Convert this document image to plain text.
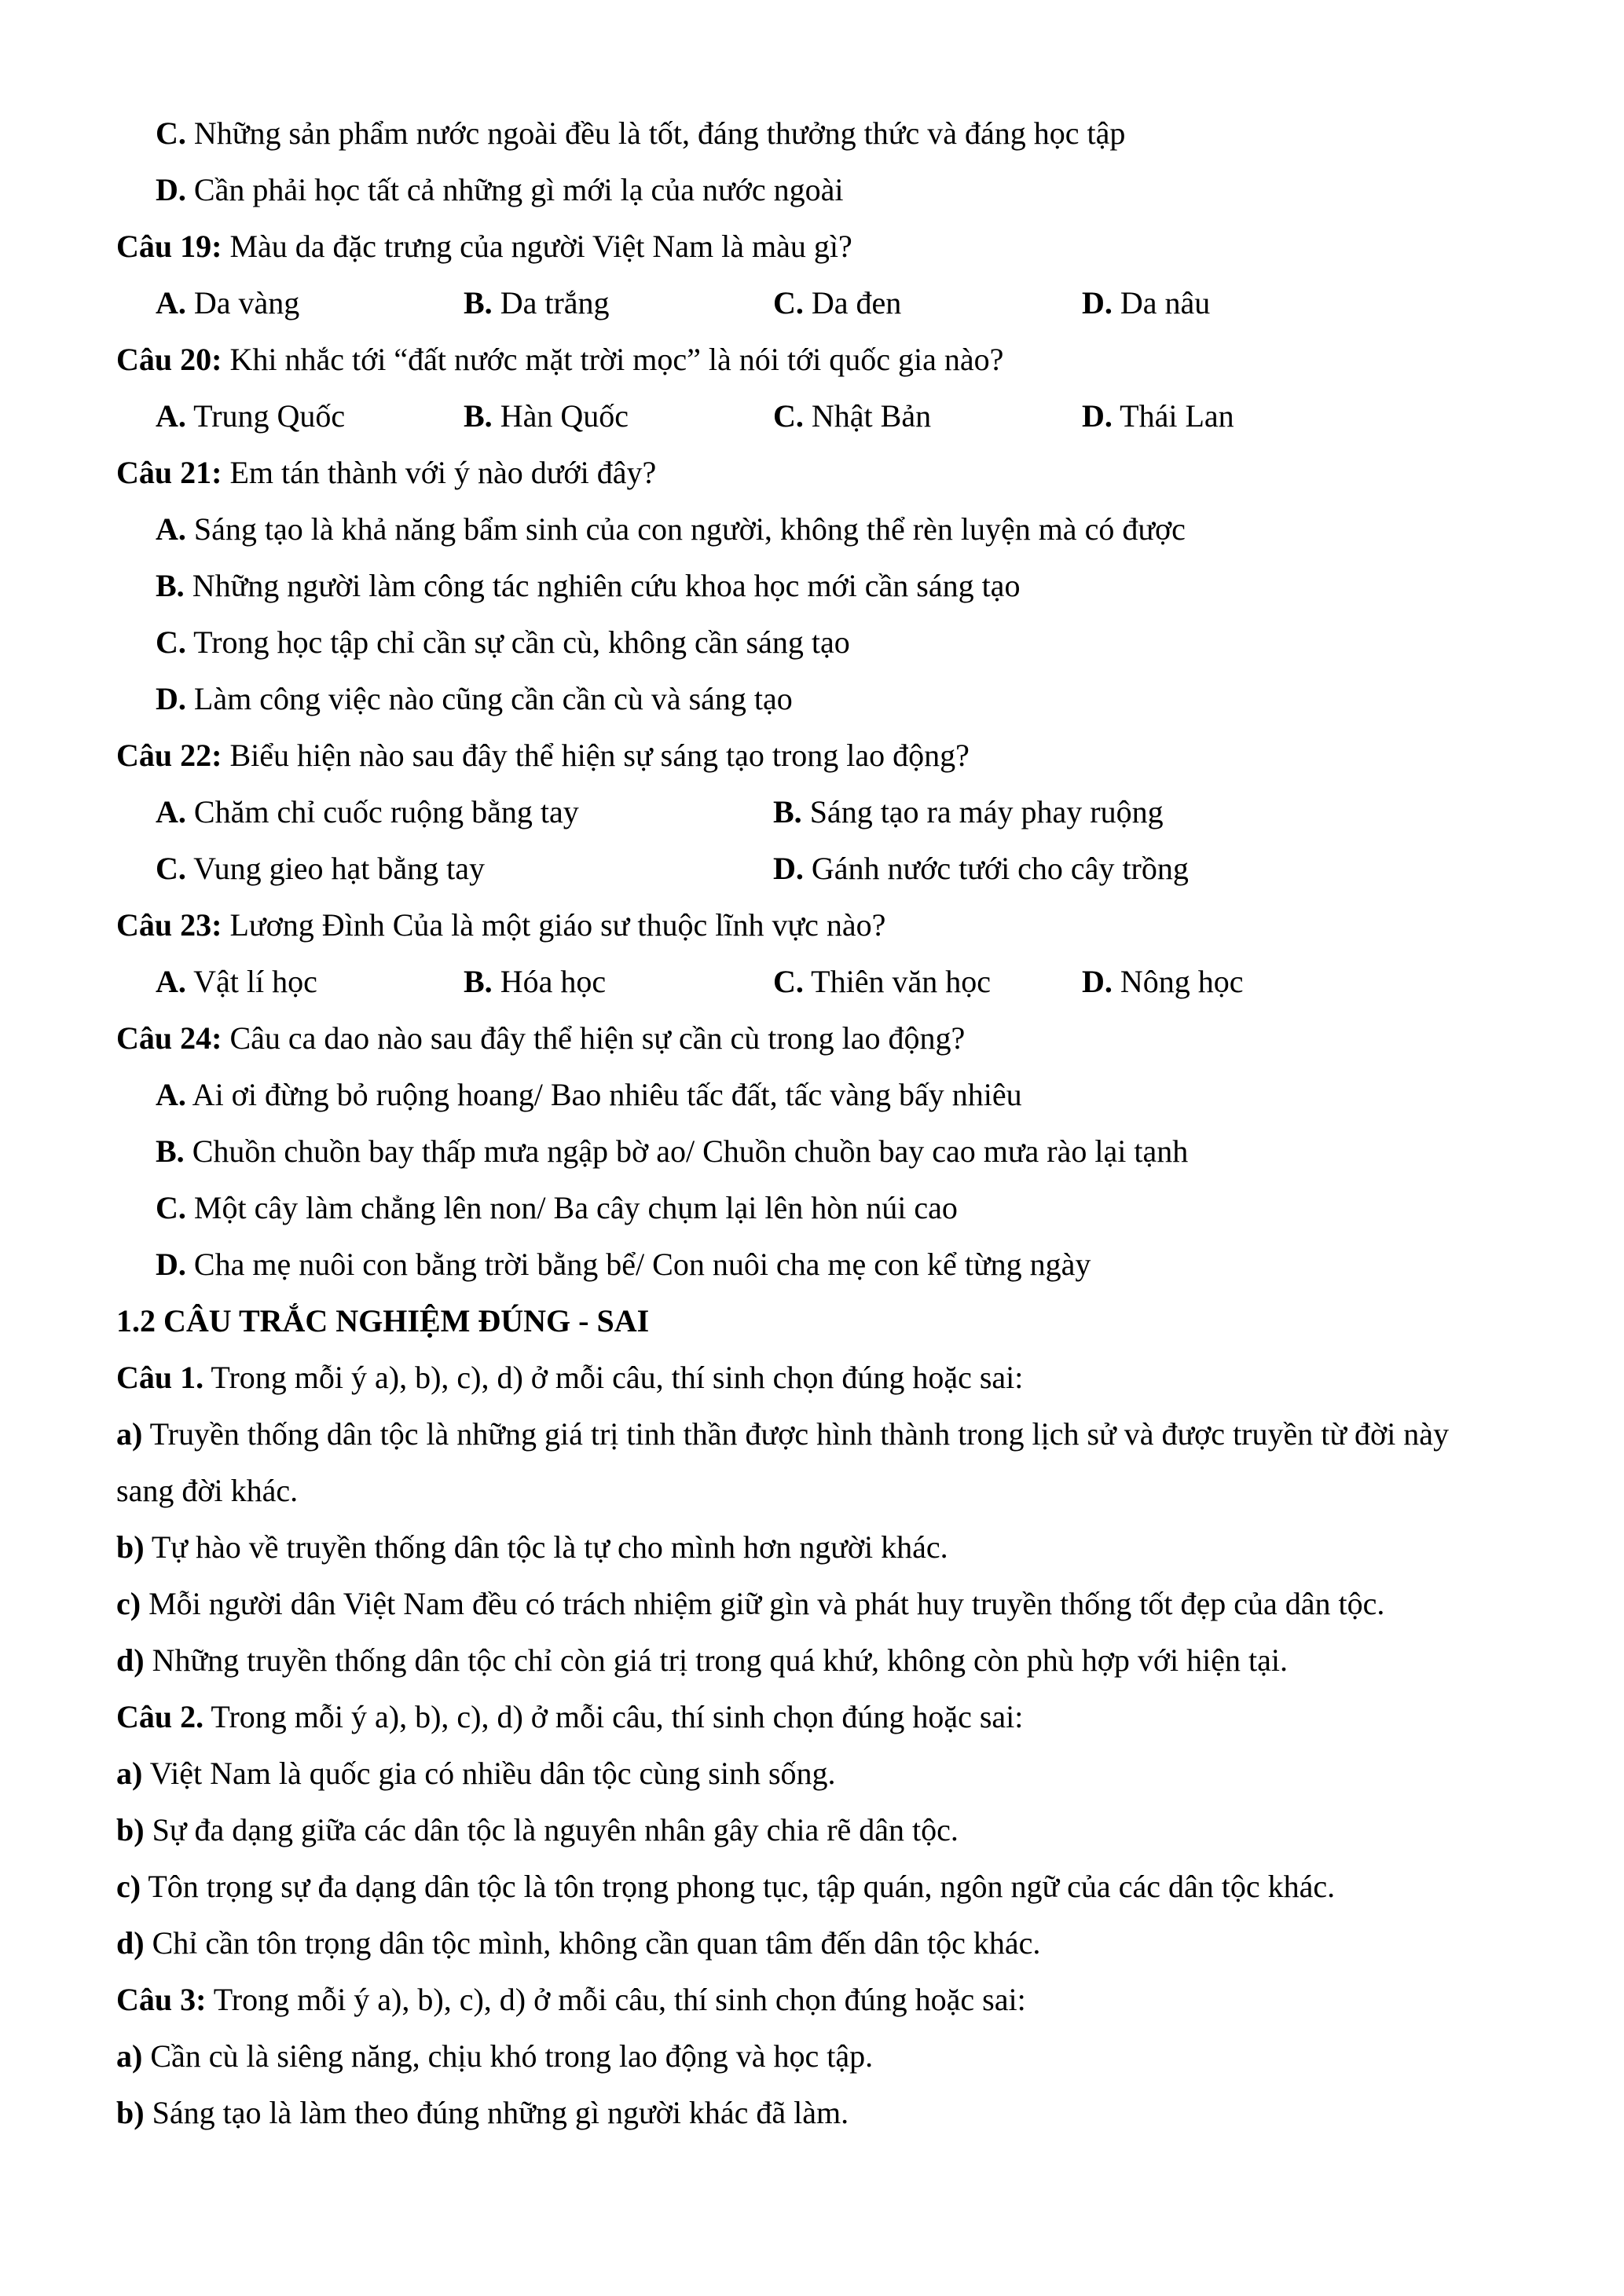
C. Những sản phẩm nước ngoài đều là tốt, đáng thưởng thức và đáng học tập
D. Cần phải học tất cả những gì mới lạ của nước ngoài
Câu 19: Màu da đặc trưng của người Việt Nam là màu gì?
A. Da vàng	B. Da trắng	C. Da đen	D. Da nâu
Câu 20: Khi nhắc tới “đất nước mặt trời mọc” là nói tới quốc gia nào?
A. Trung Quốc	B. Hàn Quốc	C. Nhật Bản	D. Thái Lan
Câu 21: Em tán thành với ý nào dưới đây?
A. Sáng tạo là khả năng bẩm sinh của con người, không thể rèn luyện mà có được
B. Những người làm công tác nghiên cứu khoa học mới cần sáng tạo
C. Trong học tập chỉ cần sự cần cù, không cần sáng tạo
D. Làm công việc nào cũng cần cần cù và sáng tạo
Câu 22: Biểu hiện nào sau đây thể hiện sự sáng tạo trong lao động?
A. Chăm chỉ cuốc ruộng bằng tay	B. Sáng tạo ra máy phay ruộng
C. Vung gieo hạt bằng tay	D. Gánh nước tưới cho cây trồng
Câu 23: Lương Đình Của là một giáo sư thuộc lĩnh vực nào?
A. Vật lí học	B. Hóa học	C. Thiên văn học	D. Nông học
Câu 24: Câu ca dao nào sau đây thể hiện sự cần cù trong lao động?
A. Ai ơi đừng bỏ ruộng hoang/ Bao nhiêu tấc đất, tấc vàng bấy nhiêu
B. Chuồn chuồn bay thấp mưa ngập bờ ao/ Chuồn chuồn bay cao mưa rào lại tạnh
C. Một cây làm chẳng lên non/ Ba cây chụm lại lên hòn núi cao
D. Cha mẹ nuôi con bằng trời bằng bể/ Con nuôi cha mẹ con kể từng ngày
1.2 CÂU TRẮC NGHIỆM ĐÚNG - SAI
Câu 1. Trong mỗi ý a), b), c), d) ở mỗi câu, thí sinh chọn đúng hoặc sai:
a) Truyền thống dân tộc là những giá trị tinh thần được hình thành trong lịch sử và được truyền từ đời này
sang đời khác.
b) Tự hào về truyền thống dân tộc là tự cho mình hơn người khác.
c) Mỗi người dân Việt Nam đều có trách nhiệm giữ gìn và phát huy truyền thống tốt đẹp của dân tộc.
d) Những truyền thống dân tộc chỉ còn giá trị trong quá khứ, không còn phù hợp với hiện tại.
Câu 2. Trong mỗi ý a), b), c), d) ở mỗi câu, thí sinh chọn đúng hoặc sai:
a) Việt Nam là quốc gia có nhiều dân tộc cùng sinh sống.
b) Sự đa dạng giữa các dân tộc là nguyên nhân gây chia rẽ dân tộc.
c) Tôn trọng sự đa dạng dân tộc là tôn trọng phong tục, tập quán, ngôn ngữ của các dân tộc khác.
d) Chỉ cần tôn trọng dân tộc mình, không cần quan tâm đến dân tộc khác.
Câu 3: Trong mỗi ý a), b), c), d) ở mỗi câu, thí sinh chọn đúng hoặc sai:
a) Cần cù là siêng năng, chịu khó trong lao động và học tập.
b) Sáng tạo là làm theo đúng những gì người khác đã làm.
